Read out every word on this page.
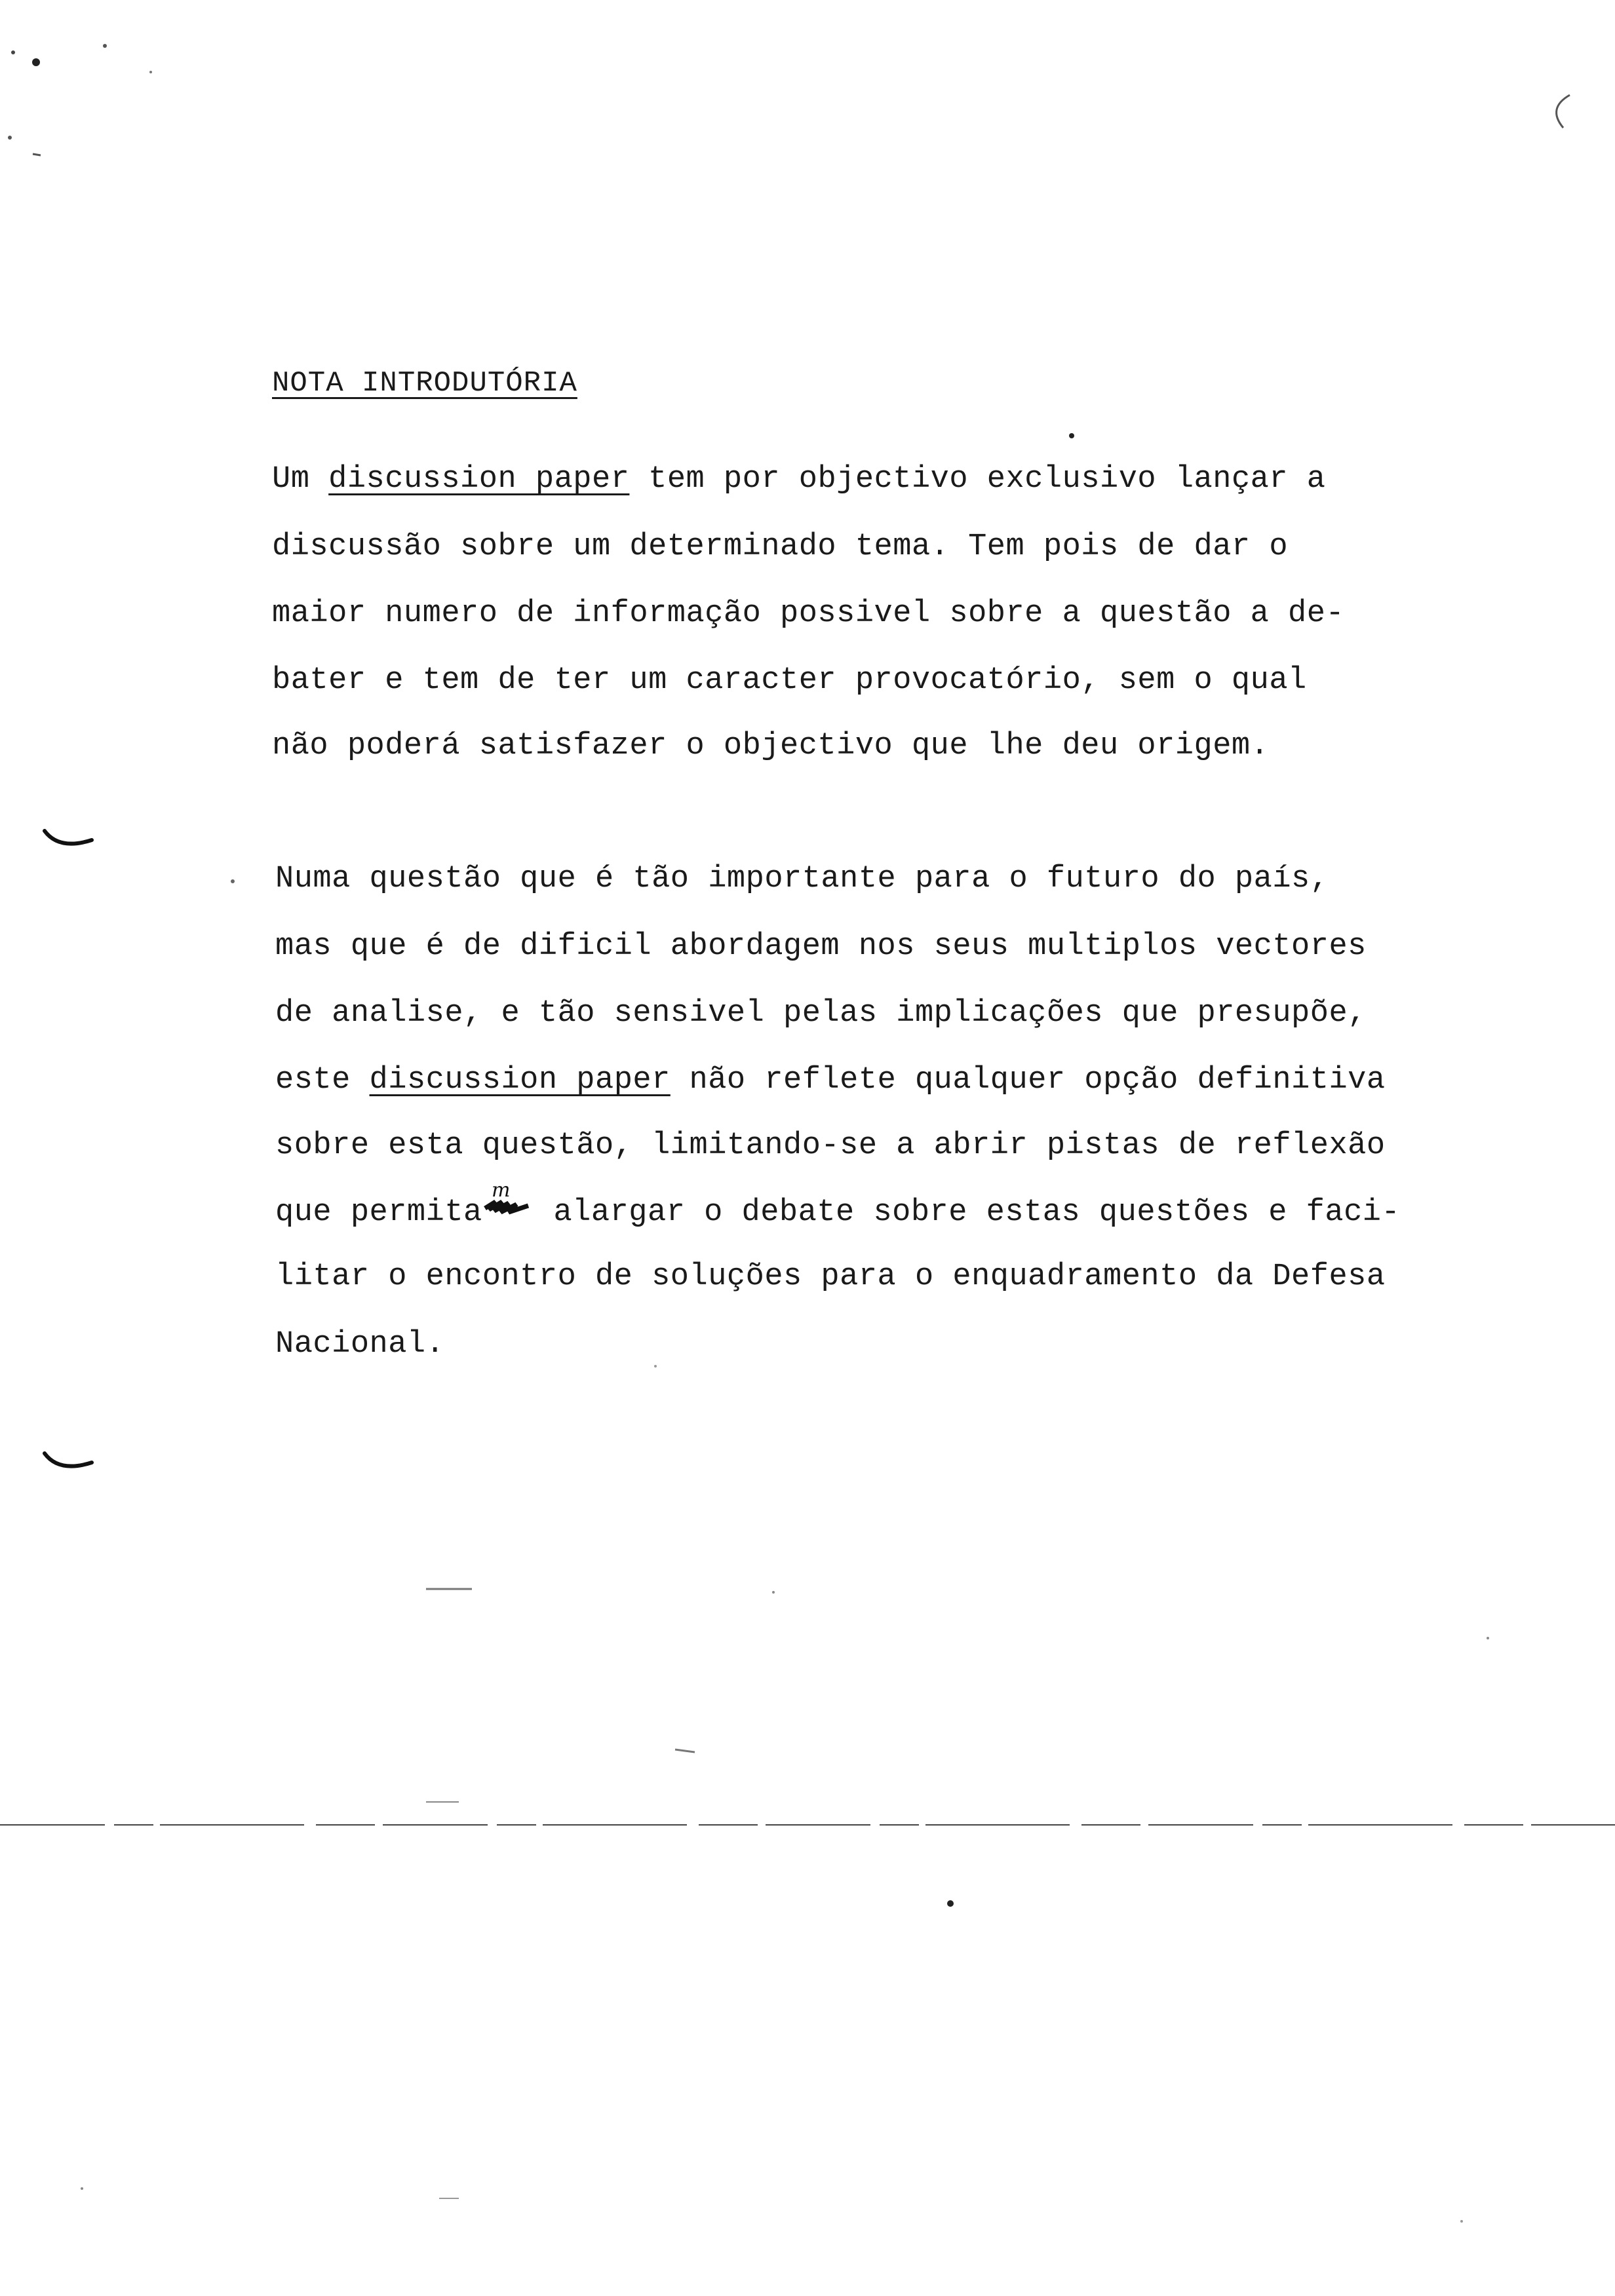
NOTA INTRODUTÓRIA
Um discussion paper tem por objectivo exclusivo lançar a
discussão sobre um determinado tema. Tem pois de dar o
maior numero de informação possivel sobre a questão a de-
bater e tem de ter um caracter provocatório, sem o qual
não poderá satisfazer o objectivo que lhe deu origem.
Numa questão que é tão importante para o futuro do país,
mas que é de dificil abordagem nos seus multiplos vectores
de analise, e tão sensivel pelas implicações que presupõe,
este discussion paper não reflete qualquer opção definitiva
sobre esta questão, limitando-se a abrir pistas de reflexão
que permita
m
alargar o debate sobre estas questões e faci-
litar o encontro de soluções para o enquadramento da Defesa
Nacional.
